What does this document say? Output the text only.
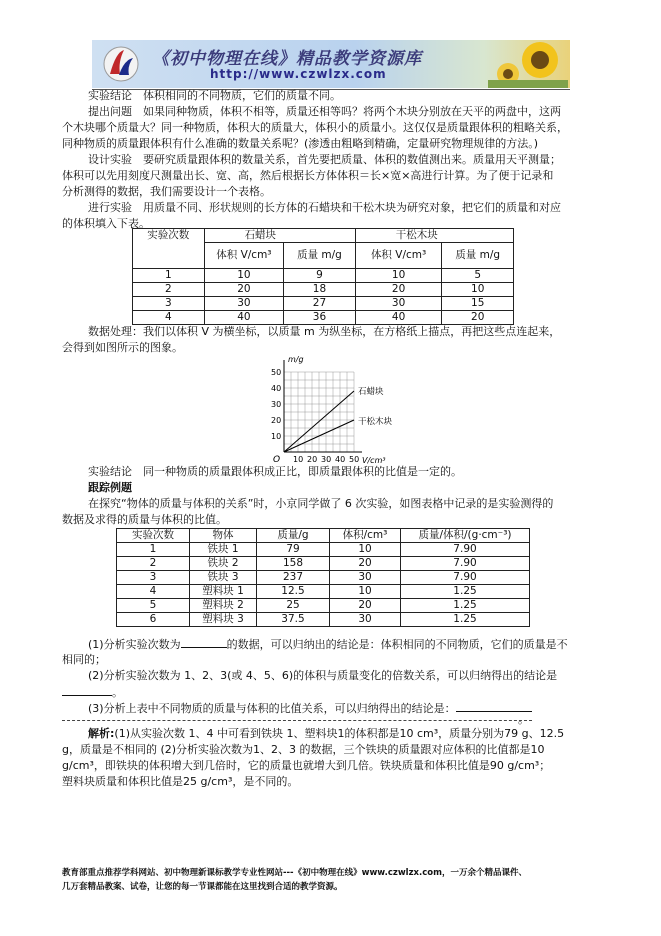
《初中物理在线》精品教学资源库
http://www.czwlzx.com
实验结论　体积相同的不同物质，它们的质量不同。
提出问题　如果同种物质，体积不相等，质量还相等吗？将两个木块分别放在天平的两盘中，这两
个木块哪个质量大？同一种物质，体积大的质量大，体积小的质量小。这仅仅是质量跟体积的粗略关系，
同种物质的质量跟体积有什么准确的数量关系呢？(渗透由粗略到精确，定量研究物理规律的方法。)
设计实验　要研究质量跟体积的数量关系，首先要把质量、体积的数值测出来。质量用天平测量；
体积可以先用刻度尺测量出长、宽、高，然后根据长方体体积＝长×宽×高进行计算。为了便于记录和
分析测得的数据，我们需要设计一个表格。
进行实验　用质量不同、形状规则的长方体的石蜡块和干松木块为研究对象，把它们的质量和对应
的体积填入下表。
实验次数	石蜡块		干松木块	
	体积 V/cm³	质量 m/g	体积 V/cm³	质量 m/g
1	10	9	10	5
2	20	18	20	10
3	30	27	30	15
4	40	36	40	20
数据处理：我们以体积 V 为横坐标，以质量 m 为纵坐标，在方格纸上描点，再把这些点连起来，
会得到如图所示的图象。
m/g
50
40
30
20
10
O 10 20 30 40 50 V/cm³
石蜡块
干松木块
实验结论　同一种物质的质量跟体积成正比，即质量跟体积的比值是一定的。
跟踪例题
在探究“物体的质量与体积的关系”时，小京同学做了 6 次实验，如图表格中记录的是实验测得的
数据及求得的质量与体积的比值。
实验次数	物体	质量/g	体积/cm³	质量/体积/(g·cm⁻³)
1	铁块 1	79	10	7.90
2	铁块 2	158	20	7.90
3	铁块 3	237	30	7.90
4	塑料块 1	12.5	10	1.25
5	塑料块 2	25	20	1.25
6	塑料块 3	37.5	30	1.25
(1)分析实验次数为	的数据，可以归纳出的结论是：体积相同的不同物质，它们的质量是不
相同的；
(2)分析实验次数为 1、2、3(或 4、5、6)的体积与质量变化的倍数关系，可以归纳得出的结论是
。
(3)分析上表中不同物质的质量与体积的比值关系，可以归纳得出的结论是：
。
解析:(1)从实验次数 1、4 中可看到铁块 1、塑料块1的体积都是10 cm³，质量分别为79 g、12.5
g，质量是不相同的 (2)分析实验次数为1、2、3 的数据，三个铁块的质量跟对应体积的比值都是10
g/cm³，即铁块的体积增大到几倍时，它的质量也就增大到几倍。铁块质量和体积比值是90 g/cm³；
塑料块质量和体积比值是25 g/cm³，是不同的。
教育部重点推荐学科网站、初中物理新课标教学专业性网站---《初中物理在线》www.czwlzx.com，一万余个精品课件、
几万套精品教案、试卷，让您的每一节课都能在这里找到合适的教学资源。
